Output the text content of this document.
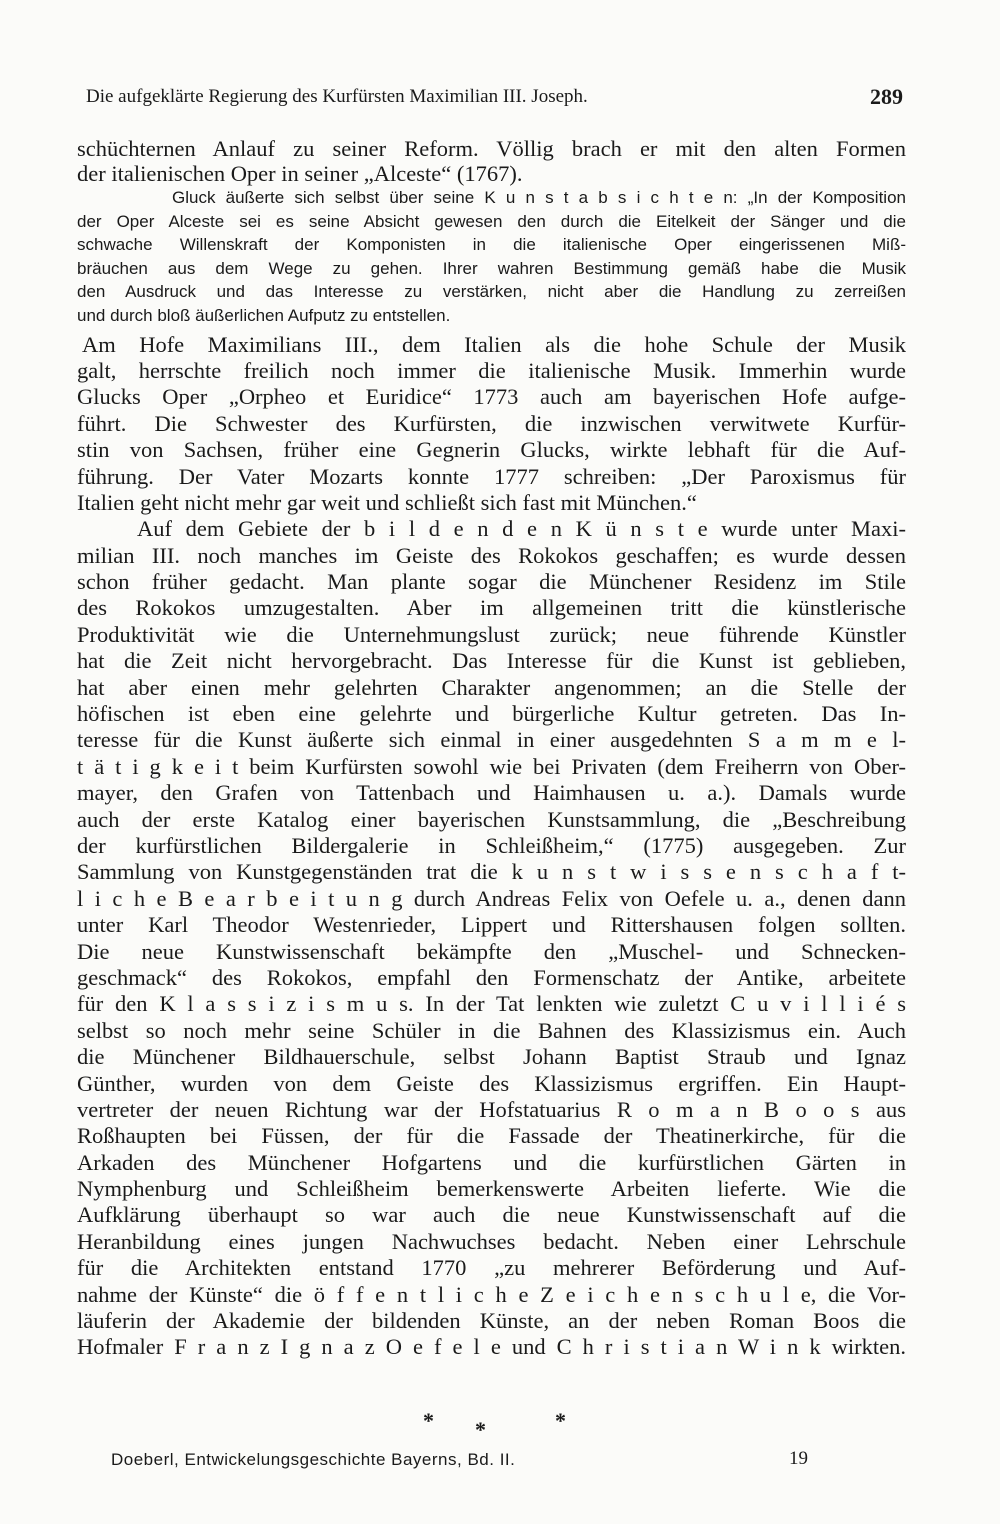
Die aufgeklärte Regierung des Kurfürsten Maximilian III. Joseph.	289
schüchternen Anlauf zu seiner Reform. Völlig brach er mit den alten Formen
der italienischen Oper in seiner „Alceste“ (1767).
Gluck äußerte sich selbst über seine K u n s t a b s i c h t e n: „In der Komposition
der Oper Alceste sei es seine Absicht gewesen den durch die Eitelkeit der Sänger und die
schwache Willenskraft der Komponisten in die italienische Oper eingerissenen Miß-
bräuchen aus dem Wege zu gehen. Ihrer wahren Bestimmung gemäß habe die Musik
den Ausdruck und das Interesse zu verstärken, nicht aber die Handlung zu zerreißen
und durch bloß äußerlichen Aufputz zu entstellen.
Am Hofe Maximilians III., dem Italien als die hohe Schule der Musik
galt, herrschte freilich noch immer die italienische Musik. Immerhin wurde
Glucks Oper „Orpheo et Euridice“ 1773 auch am bayerischen Hofe aufge-
führt. Die Schwester des Kurfürsten, die inzwischen verwitwete Kurfür-
stin von Sachsen, früher eine Gegnerin Glucks, wirkte lebhaft für die Auf-
führung. Der Vater Mozarts konnte 1777 schreiben: „Der Paroxismus für
Italien geht nicht mehr gar weit und schließt sich fast mit München.“
Auf dem Gebiete der b i l d e n d e n K ü n s t e wurde unter Maxi-
milian III. noch manches im Geiste des Rokokos geschaffen; es wurde dessen
schon früher gedacht. Man plante sogar die Münchener Residenz im Stile
des Rokokos umzugestalten. Aber im allgemeinen tritt die künstlerische
Produktivität wie die Unternehmungslust zurück; neue führende Künstler
hat die Zeit nicht hervorgebracht. Das Interesse für die Kunst ist geblieben,
hat aber einen mehr gelehrten Charakter angenommen; an die Stelle der
höfischen ist eben eine gelehrte und bürgerliche Kultur getreten. Das In-
teresse für die Kunst äußerte sich einmal in einer ausgedehnten S a m m e l-
t ä t i g k e i t beim Kurfürsten sowohl wie bei Privaten (dem Freiherrn von Ober-
mayer, den Grafen von Tattenbach und Haimhausen u. a.). Damals wurde
auch der erste Katalog einer bayerischen Kunstsammlung, die „Beschreibung
der kurfürstlichen Bildergalerie in Schleißheim,“ (1775) ausgegeben. Zur
Sammlung von Kunstgegenständen trat die k u n s t w i s s e n s c h a f t-
l i c h e B e a r b e i t u n g durch Andreas Felix von Oefele u. a., denen dann
unter Karl Theodor Westenrieder, Lippert und Rittershausen folgen sollten.
Die neue Kunstwissenschaft bekämpfte den „Muschel- und Schnecken-
geschmack“ des Rokokos, empfahl den Formenschatz der Antike, arbeitete
für den K l a s s i z i s m u s. In der Tat lenkten wie zuletzt C u v i l l i é s
selbst so noch mehr seine Schüler in die Bahnen des Klassizismus ein. Auch
die Münchener Bildhauerschule, selbst Johann Baptist Straub und Ignaz
Günther, wurden von dem Geiste des Klassizismus ergriffen. Ein Haupt-
vertreter der neuen Richtung war der Hofstatuarius R o m a n B o o s aus
Roßhaupten bei Füssen, der für die Fassade der Theatinerkirche, für die
Arkaden des Münchener Hofgartens und die kurfürstlichen Gärten in
Nymphenburg und Schleißheim bemerkenswerte Arbeiten lieferte. Wie die
Aufklärung überhaupt so war auch die neue Kunstwissenschaft auf die
Heranbildung eines jungen Nachwuchses bedacht. Neben einer Lehrschule
für die Architekten entstand 1770 „zu mehrerer Beförderung und Auf-
nahme der Künste“ die ö f f e n t l i c h e Z e i c h e n s c h u l e, die Vor-
läuferin der Akademie der bildenden Künste, an der neben Roman Boos die
Hofmaler F r a n z I g n a z O e f e l e und C h r i s t i a n W i n k wirkten.
* *	*
Doeberl, Entwickelungsgeschichte Bayerns, Bd. II.	19
